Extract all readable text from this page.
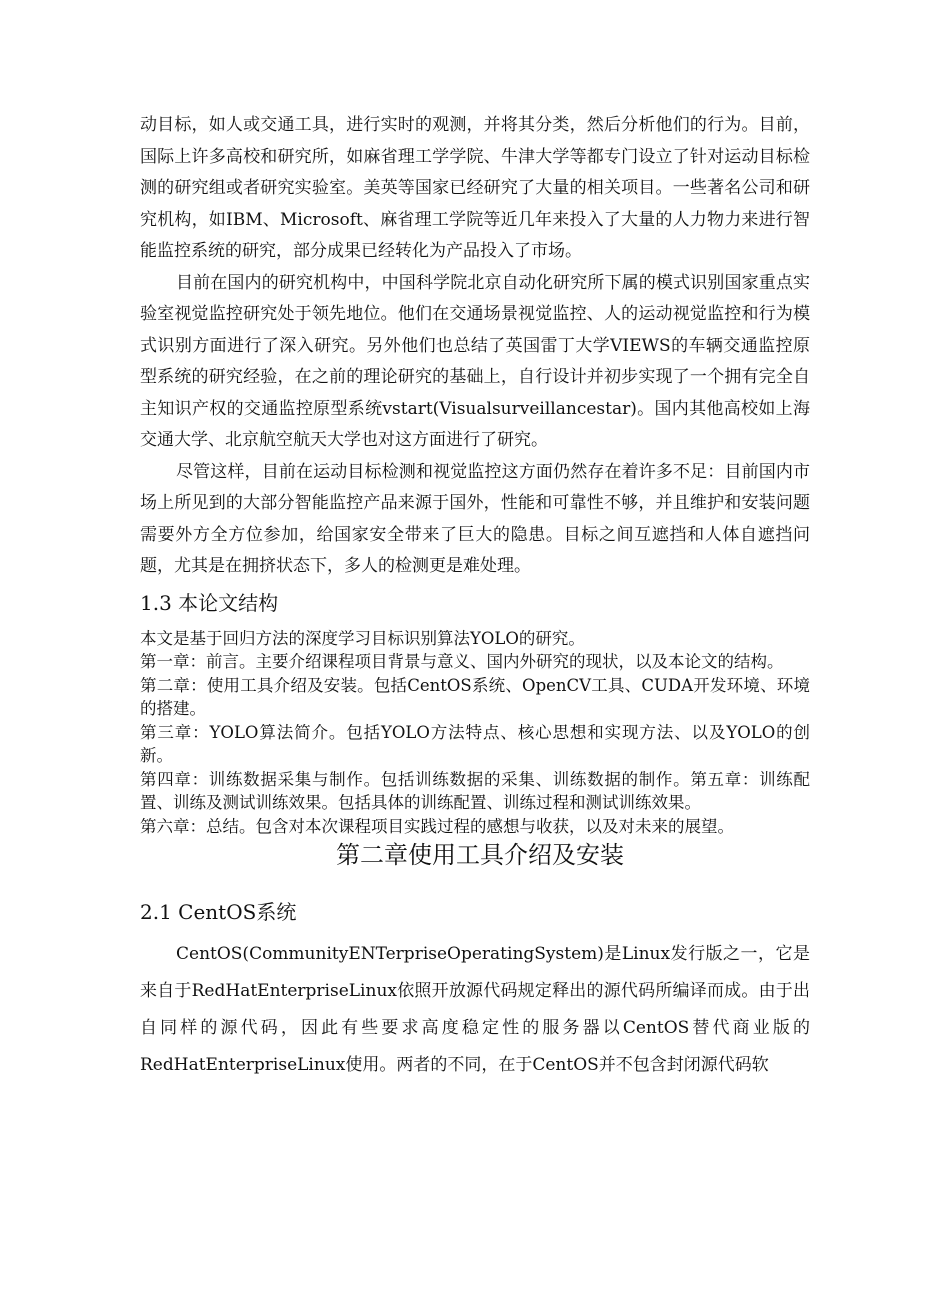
动目标，如人或交通工具，进行实时的观测，并将其分类，然后分析他们的行为。目前，国际上许多高校和研究所，如麻省理工学学院、牛津大学等都专门设立了针对运动目标检测的研究组或者研究实验室。美英等国家已经研究了大量的相关项目。一些著名公司和研究机构，如IBM、Microsoft、麻省理工学院等近几年来投入了大量的人力物力来进行智能监控系统的研究，部分成果已经转化为产品投入了市场。

目前在国内的研究机构中，中国科学院北京自动化研究所下属的模式识别国家重点实验室视觉监控研究处于领先地位。他们在交通场景视觉监控、人的运动视觉监控和行为模式识别方面进行了深入研究。另外他们也总结了英国雷丁大学VIEWS的车辆交通监控原型系统的研究经验，在之前的理论研究的基础上，自行设计并初步实现了一个拥有完全自主知识产权的交通监控原型系统vstart(Visualsurveillancestar)。国内其他高校如上海交通大学、北京航空航天大学也对这方面进行了研究。

尽管这样，目前在运动目标检测和视觉监控这方面仍然存在着许多不足：目前国内市场上所见到的大部分智能监控产品来源于国外，性能和可靠性不够，并且维护和安装问题需要外方全方位参加，给国家安全带来了巨大的隐患。目标之间互遮挡和人体自遮挡问题，尤其是在拥挤状态下，多人的检测更是难处理。

1.3 本论文结构

本文是基于回归方法的深度学习目标识别算法YOLO的研究。

第一章：前言。主要介绍课程项目背景与意义、国内外研究的现状，以及本论文的结构。

第二章：使用工具介绍及安装。包括CentOS系统、OpenCV工具、CUDA开发环境、环境的搭建。

第三章：YOLO算法简介。包括YOLO方法特点、核心思想和实现方法、以及YOLO的创新。

第四章：训练数据采集与制作。包括训练数据的采集、训练数据的制作。第五章：训练配置、训练及测试训练效果。包括具体的训练配置、训练过程和测试训练效果。

第六章：总结。包含对本次课程项目实践过程的感想与收获，以及对未来的展望。

第二章使用工具介绍及安装
2.1 CentOS系统

CentOS(CommunityENTerpriseOperatingSystem)是Linux发行版之一，它是来自于RedHatEnterpriseLinux依照开放源代码规定释出的源代码所编译而成。由于出自同样的源代码，因此有些要求高度稳定性的服务器以CentOS替代商业版的RedHatEnterpriseLinux使用。两者的不同，在于CentOS并不包含封闭源代码软
